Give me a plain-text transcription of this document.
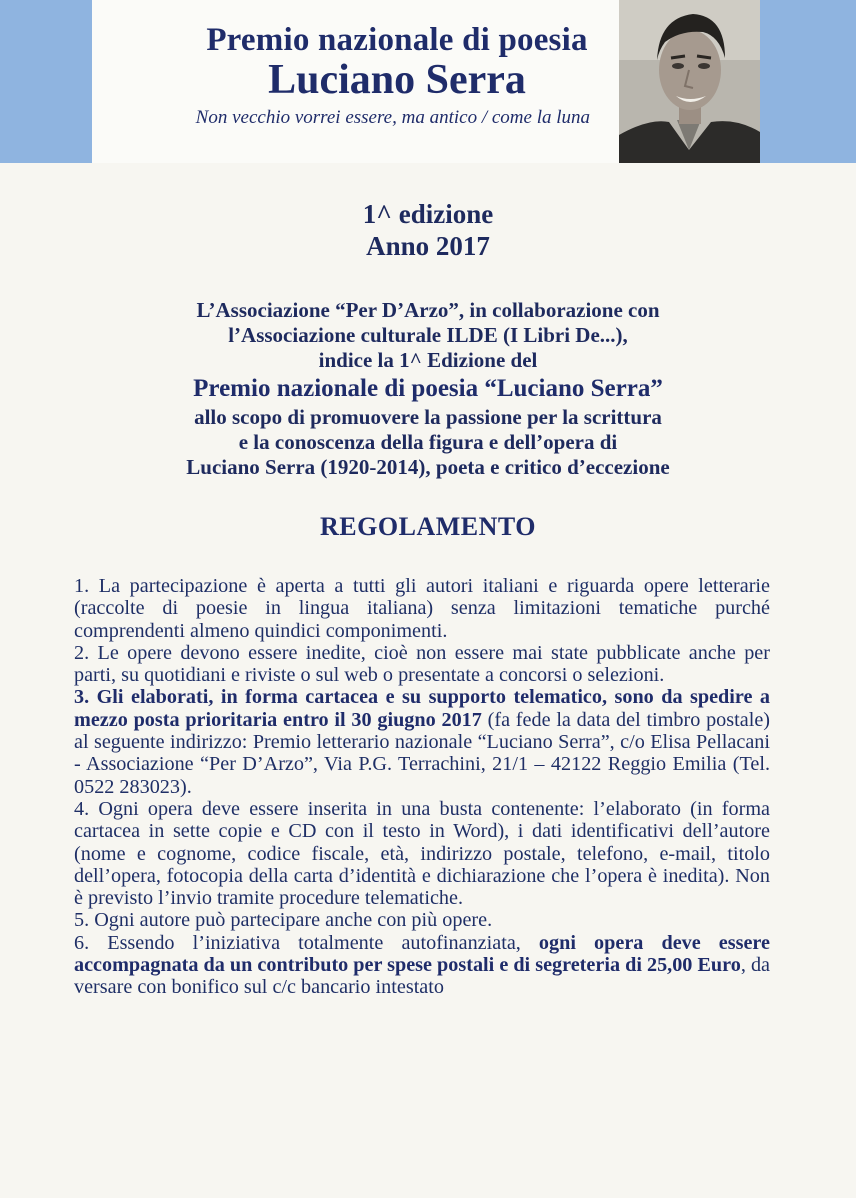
Premio nazionale di poesia
Luciano Serra
Non vecchio vorrei essere, ma antico / come la luna
1^ edizione
Anno 2017
L’Associazione “Per D’Arzo”, in collaborazione con
l’Associazione culturale ILDE (I Libri De...),
indice la 1^ Edizione del
Premio nazionale di poesia “Luciano Serra”
allo scopo di promuovere la passione per la scrittura
e la conoscenza della figura e dell’opera di
Luciano Serra (1920-2014), poeta e critico d’eccezione
REGOLAMENTO

1. La partecipazione è aperta a tutti gli autori italiani e riguarda opere letterarie (raccolte di poesie in lingua italiana) senza limitazioni tematiche purché comprendenti almeno quindici componimenti.

2. Le opere devono essere inedite, cioè non essere mai state pubblicate anche per parti, su quotidiani e riviste o sul web o presentate a concorsi o selezioni.

3. Gli elaborati, in forma cartacea e su supporto telematico, sono da spedire a mezzo posta prioritaria entro il 30 giugno 2017 (fa fede la data del timbro postale) al seguente indirizzo: Premio letterario nazionale “Luciano Serra”, c/o Elisa Pellacani - Associazione “Per D’Arzo”, Via P.G. Terrachini, 21/1 – 42122 Reggio Emilia (Tel. 0522 283023).

4. Ogni opera deve essere inserita in una busta contenente: l’elaborato (in forma cartacea in sette copie e CD con il testo in Word), i dati identificativi dell’autore (nome e cognome, codice fiscale, età, indirizzo postale, telefono, e-mail, titolo dell’opera, fotocopia della carta d’identità e dichiarazione che l’opera è inedita). Non è previsto l’invio tramite procedure telematiche.

5. Ogni autore può partecipare anche con più opere.

6. Essendo l’iniziativa totalmente autofinanziata, ogni opera deve essere accompagnata da un contributo per spese postali e di segreteria di 25,00 Euro, da versare con bonifico sul c/c bancario intestato
